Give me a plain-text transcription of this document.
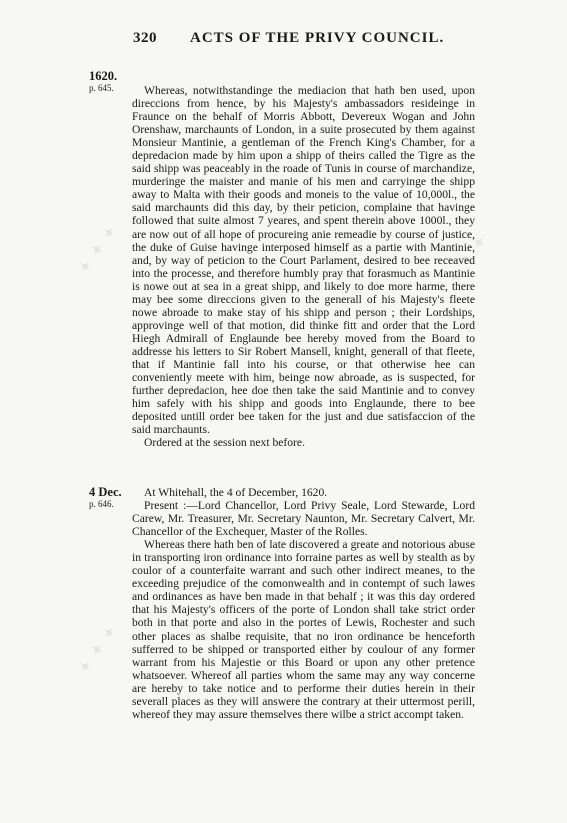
✦ ✦ ✦	✦ ✦ ✦
✦ ✦ ✦
320 ACTS OF THE PRIVY COUNCIL.
1620.
p. 645.	Whereas, notwithstandinge the mediacion that hath ben used, upon direccions from hence, by his Majesty's ambassadors resideinge in Fraunce on the behalf of Morris Abbott, Devereux Wogan and John Orenshaw, marchaunts of London, in a suite prosecuted by them against Monsieur Mantinie, a gentleman of the French King's Chamber, for a depredacion made by him upon a shipp of theirs called the Tigre as the said shipp was peaceably in the roade of Tunis in course of marchandize, murderinge the maister and manie of his men and carryinge the shipp away to Malta with their goods and moneis to the value of 10,000l., the said marchaunts did this day, by their peticion, complaine that havinge followed that suite almost 7 yeares, and spent therein above 1000l., they are now out of all hope of procureing anie remeadie by course of justice, the duke of Guise havinge interposed himself as a partie with Mantinie, and, by way of peticion to the Court Parlament, desired to bee receaved into the processe, and therefore humbly pray that forasmuch as Mantinie is nowe out at sea in a great shipp, and likely to doe more harme, there may bee some direccions given to the generall of his Majesty's fleete nowe abroade to make stay of his shipp and person ; their Lordships, approvinge well of that motion, did thinke fitt and order that the Lord Hiegh Admirall of Englaunde bee hereby moved from the Board to addresse his letters to Sir Robert Mansell, knight, generall of that fleete, that if Mantinie fall into his course, or that otherwise hee can conveniently meete with him, beinge now abroade, as is suspected, for further depredacion, hee doe then take the said Mantinie and to convey him safely with his shipp and goods into Englaunde, there to bee deposited untill order bee taken for the just and due satisfaccion of the said marchaunts.

Ordered at the session next before.

4 Dec.
p. 646.

At Whitehall, the 4 of December, 1620.

Present :—Lord Chancellor, Lord Privy Seale, Lord Stewarde, Lord Carew, Mr. Treasurer, Mr. Secretary Naunton, Mr. Secretary Calvert, Mr. Chancellor of the Exchequer, Master of the Rolles.

Whereas there hath ben of late discovered a greate and notorious abuse in transporting iron ordinance into forraine partes as well by stealth as by coulor of a counterfaite warrant and such other indirect meanes, to the exceeding prejudice of the comonwealth and in contempt of such lawes and ordinances as have ben made in that behalf ; it was this day ordered that his Majesty's officers of the porte of London shall take strict order both in that porte and also in the portes of Lewis, Rochester and such other places as shalbe requisite, that no iron ordinance be henceforth sufferred to be shipped or transported either by coulour of any former warrant from his Majestie or this Board or upon any other pretence whatsoever. Whereof all parties whom the same may any way concerne are hereby to take notice and to performe their duties herein in their severall places as they will answere the contrary at their uttermost perill, whereof they may assure themselves there wilbe a strict accompt taken.
